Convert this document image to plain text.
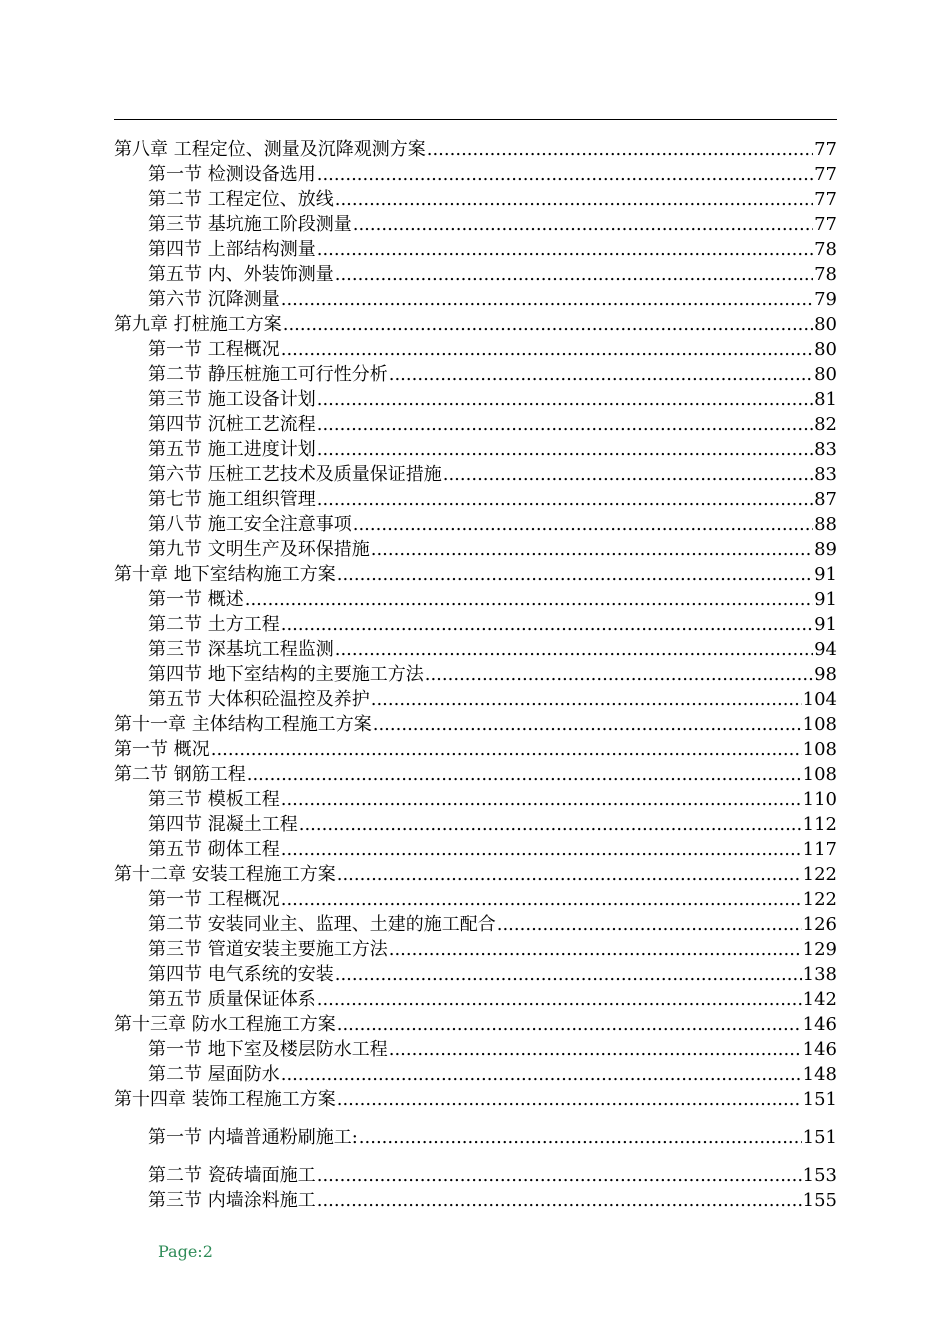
第八章 工程定位、测量及沉降观测方案 .....	77
第一节 检测设备选用 .....	77
第二节 工程定位、放线 .....	77
第三节 基坑施工阶段测量 .....	77
第四节 上部结构测量 .....	78
第五节 内、外装饰测量 .....	78
第六节 沉降测量 .....	79
第九章 打桩施工方案 .....	80
第一节 工程概况 .....	80
第二节 静压桩施工可行性分析 .....	80
第三节 施工设备计划 .....	81
第四节 沉桩工艺流程 .....	82
第五节 施工进度计划 .....	83
第六节 压桩工艺技术及质量保证措施 .....	83
第七节 施工组织管理 .....	87
第八节 施工安全注意事项 .....	88
第九节 文明生产及环保措施 .....	89
第十章 地下室结构施工方案 .....	91
第一节 概述 .....	91
第二节 土方工程 .....	91
第三节 深基坑工程监测 .....	94
第四节 地下室结构的主要施工方法 .....	98
第五节 大体积砼温控及养护 .....	104
第十一章 主体结构工程施工方案 .....	108
第一节 概况 .....	108
第二节 钢筋工程 .....	108
第三节 模板工程 .....	110
第四节 混凝土工程 .....	112
第五节 砌体工程 .....	117
第十二章 安装工程施工方案 .....	122
第一节 工程概况 .....	122
第二节 安装同业主、监理、土建的施工配合 .....	126
第三节 管道安装主要施工方法 .....	129
第四节 电气系统的安装 .....	138
第五节 质量保证体系 .....	142
第十三章 防水工程施工方案 .....	146
第一节 地下室及楼层防水工程 .....	146
第二节 屋面防水 .....	148
第十四章 装饰工程施工方案 .....	151
第一节 内墙普通粉刷施工: .....	151
第二节 瓷砖墙面施工 .....	153
第三节 内墙涂料施工 .....	155
Page:2
